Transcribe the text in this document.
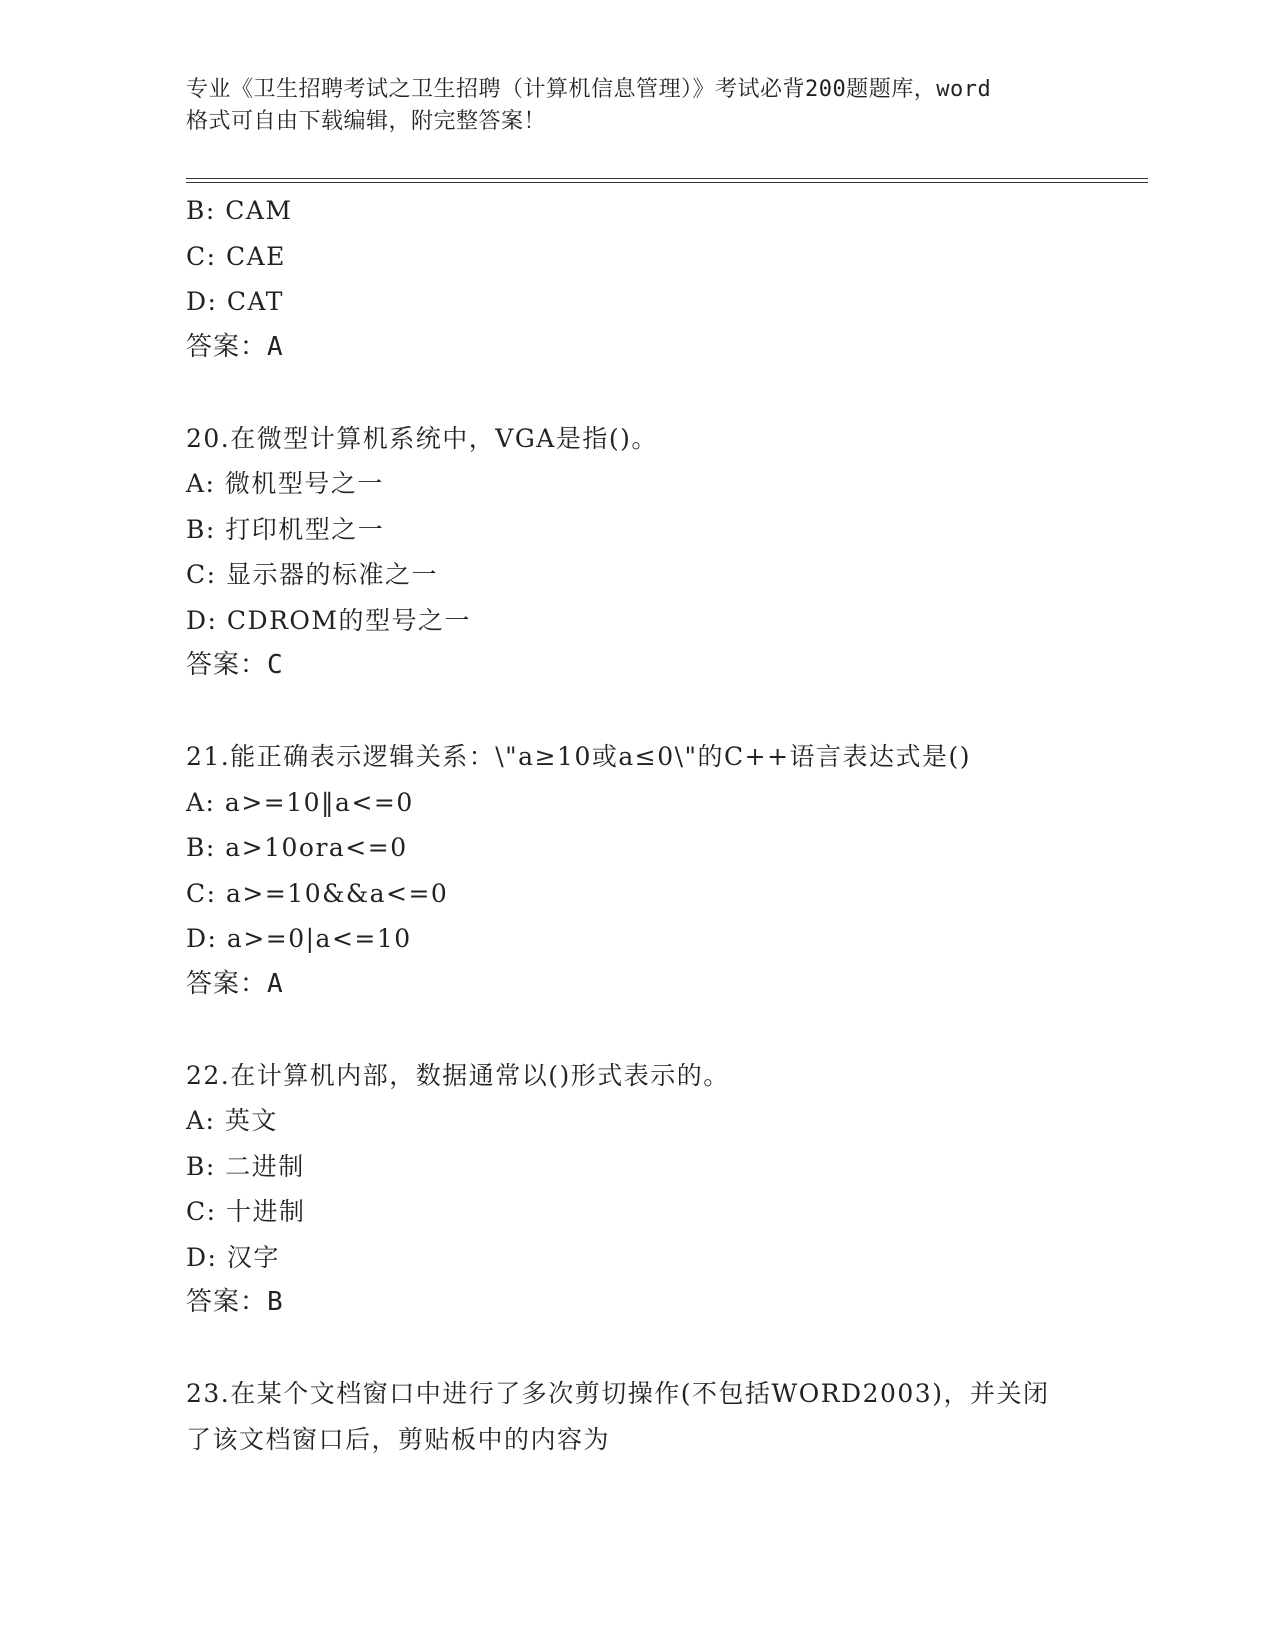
专业《卫生招聘考试之卫生招聘（计算机信息管理）》考试必背200题题库，word
格式可自由下载编辑，附完整答案！
B: CAM
C: CAE
D: CAT
答案：A
20.在微型计算机系统中，VGA是指()。
A: 微机型号之一
B: 打印机型之一
C: 显示器的标准之一
D: CDROM的型号之一
答案：C
21.能正确表示逻辑关系：\"a≥10或a≤0\"的C++语言表达式是()
A: a>=10‖a<=0
B: a>10ora<=0
C: a>=10&&a<=0
D: a>=0|a<=10
答案：A
22.在计算机内部，数据通常以()形式表示的。
A: 英文
B: 二进制
C: 十进制
D: 汉字
答案：B
23.在某个文档窗口中进行了多次剪切操作(不包括WORD2003)，并关闭
了该文档窗口后，剪贴板中的内容为
